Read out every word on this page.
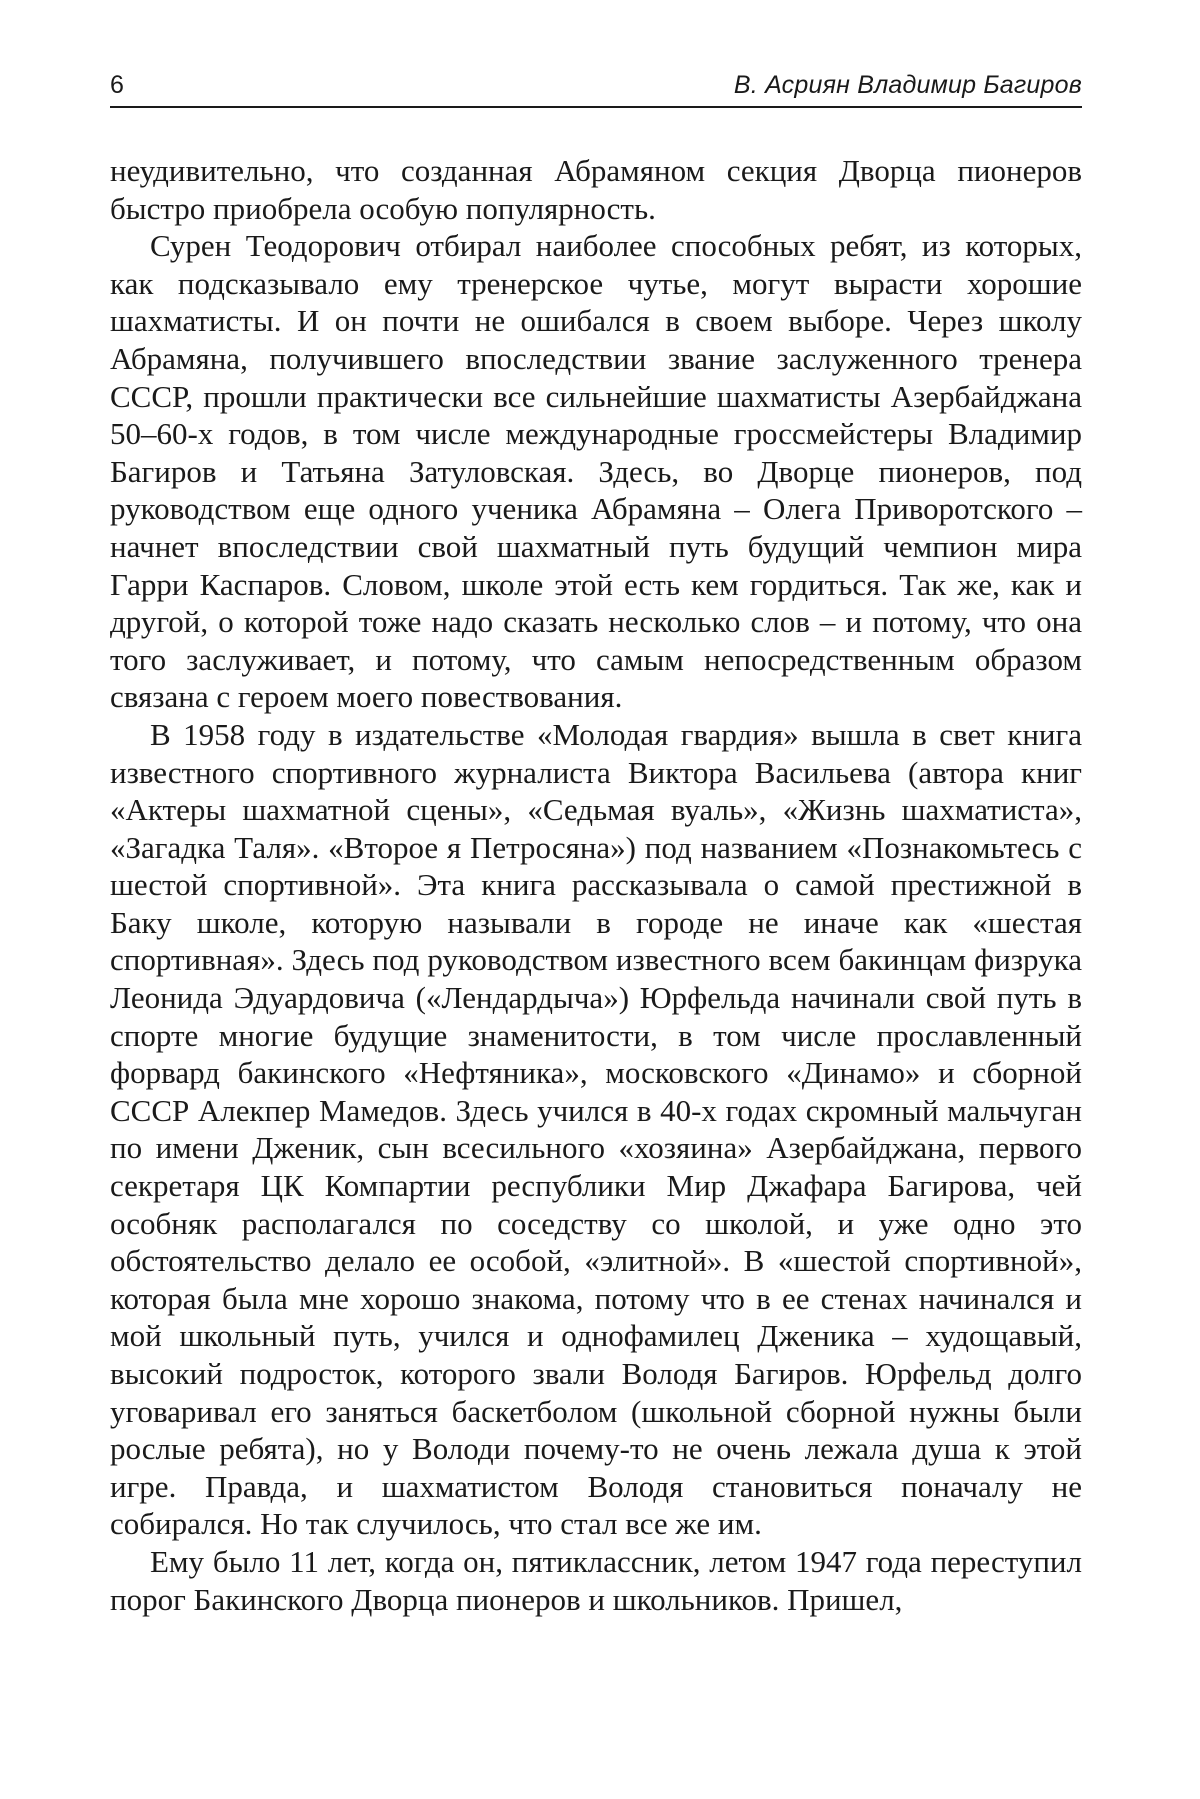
6	В. Асриян Владимир Багиров

неудивительно, что созданная Абрамяном секция Дворца пионеров быстро приобрела особую популярность.

Сурен Теодорович отбирал наиболее способных ребят, из которых, как подсказывало ему тренерское чутье, могут вырасти хорошие шахматисты. И он почти не ошибался в своем выборе. Через школу Абрамяна, получившего впоследствии звание заслуженного тренера СССР, прошли практически все сильнейшие шахматисты Азербайджана 50–60-х годов, в том числе международные гроссмейстеры Владимир Багиров и Татьяна Затуловская. Здесь, во Дворце пионеров, под руководством еще одного ученика Абрамяна – Олега Приворотского – начнет впоследствии свой шахматный путь будущий чемпион мира Гарри Каспаров. Словом, школе этой есть кем гордиться. Так же, как и другой, о которой тоже надо сказать несколько слов – и потому, что она того заслуживает, и потому, что самым непосредственным образом связана с героем моего повествования.

В 1958 году в издательстве «Молодая гвардия» вышла в свет книга известного спортивного журналиста Виктора Васильева (автора книг «Актеры шахматной сцены», «Седьмая вуаль», «Жизнь шахматиста», «Загадка Таля». «Второе я Петросяна») под названием «Познакомьтесь с шестой спортивной». Эта книга рассказывала о самой престижной в Баку школе, которую называли в городе не иначе как «шестая спортивная». Здесь под руководством известного всем бакинцам физрука Леонида Эдуардовича («Лендардыча») Юрфельда начинали свой путь в спорте многие будущие знаменитости, в том числе прославленный форвард бакинского «Нефтяника», московского «Динамо» и сборной СССР Алекпер Мамедов. Здесь учился в 40-х годах скромный мальчуган по имени Дженик, сын всесильного «хозяина» Азербайджана, первого секретаря ЦК Компартии республики Мир Джафара Багирова, чей особняк располагался по соседству со школой, и уже одно это обстоятельство делало ее особой, «элитной». В «шестой спортивной», которая была мне хорошо знакома, потому что в ее стенах начинался и мой школьный путь, учился и однофамилец Дженика – худощавый, высокий подросток, которого звали Володя Багиров. Юрфельд долго уговаривал его заняться баскетболом (школьной сборной нужны были рослые ребята), но у Володи почему-то не очень лежала душа к этой игре. Правда, и шахматистом Володя становиться поначалу не собирался. Но так случилось, что стал все же им.

Ему было 11 лет, когда он, пятиклассник, летом 1947 года переступил порог Бакинского Дворца пионеров и школьников. Пришел,
